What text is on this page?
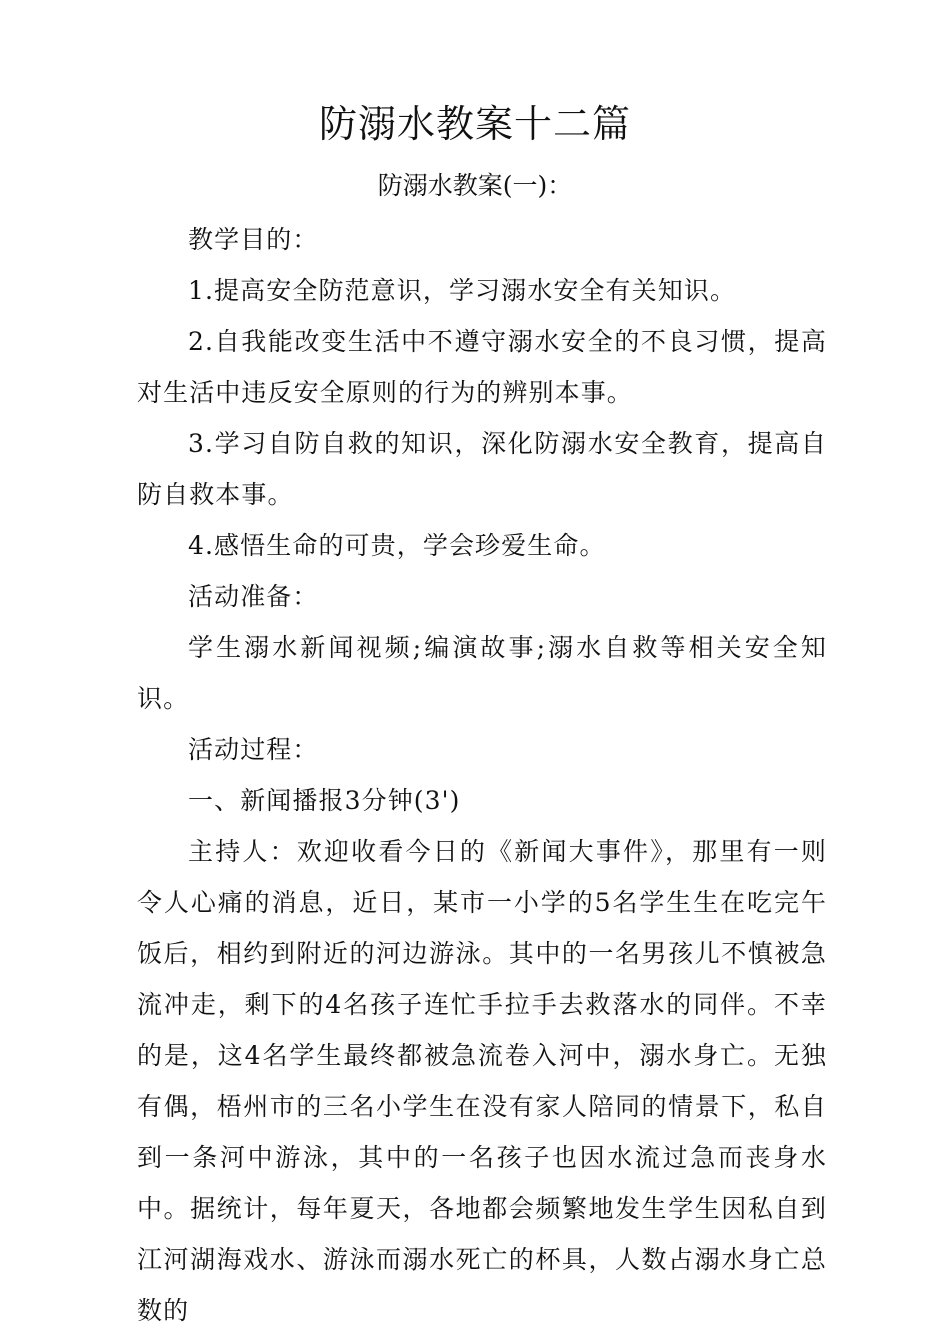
防溺水教案十二篇

防溺水教案(一)：

教学目的：

1.提高安全防范意识，学习溺水安全有关知识。

2.自我能改变生活中不遵守溺水安全的不良习惯，提高对生活中违反安全原则的行为的辨别本事。

3.学习自防自救的知识，深化防溺水安全教育，提高自防自救本事。

4.感悟生命的可贵，学会珍爱生命。

活动准备：

学生溺水新闻视频;编演故事;溺水自救等相关安全知识。

活动过程：

一、新闻播报3分钟(3')

主持人：欢迎收看今日的《新闻大事件》，那里有一则令人心痛的消息，近日，某市一小学的5名学生生在吃完午饭后，相约到附近的河边游泳。其中的一名男孩儿不慎被急流冲走，剩下的4名孩子连忙手拉手去救落水的同伴。不幸的是，这4名学生最终都被急流卷入河中，溺水身亡。无独有偶，梧州市的三名小学生在没有家人陪同的情景下，私自到一条河中游泳，其中的一名孩子也因水流过急而丧身水中。据统计，每年夏天，各地都会频繁地发生学生因私自到江河湖海戏水、游泳而溺水死亡的杯具，人数占溺水身亡总数的
